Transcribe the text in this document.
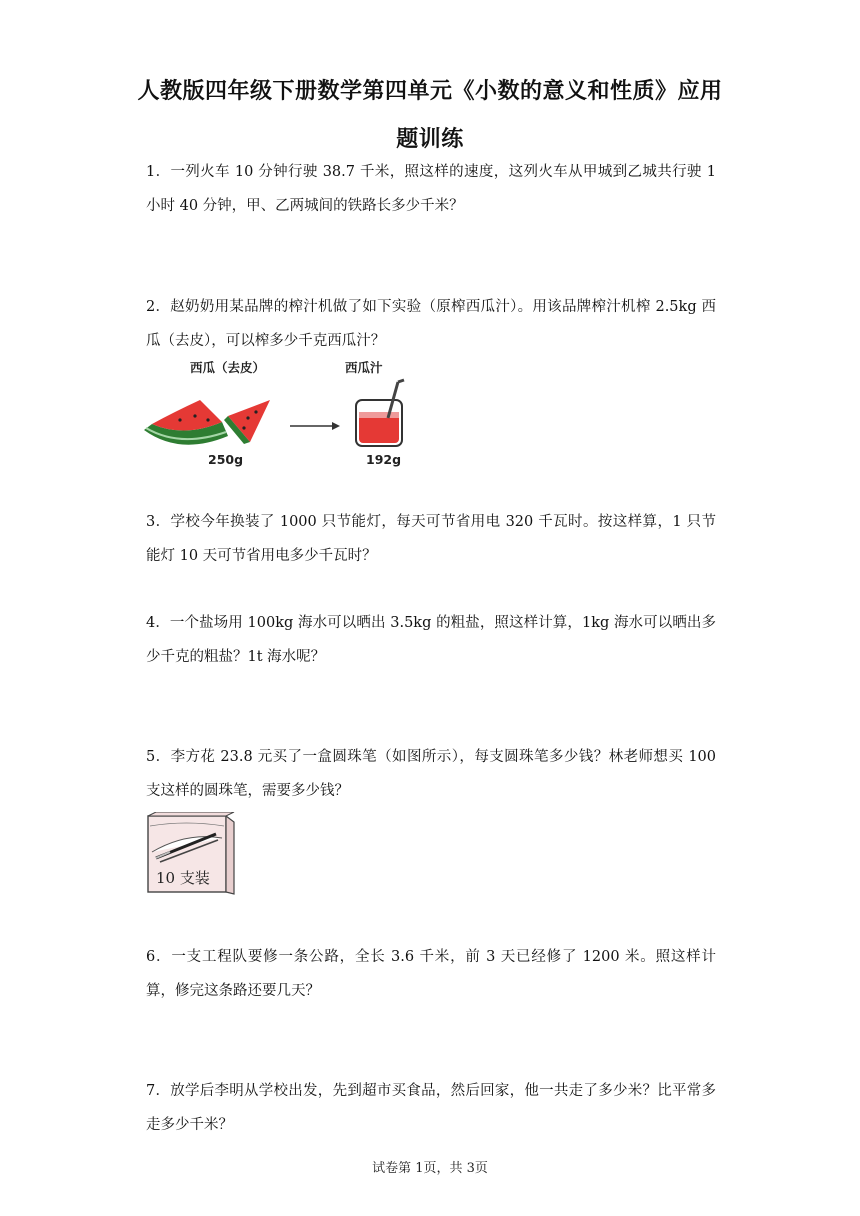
人教版四年级下册数学第四单元《小数的意义和性质》应用
题训练
1．一列火车 10 分钟行驶 38.7 千米，照这样的速度，这列火车从甲城到乙城共行驶 1 小时 40 分钟，甲、乙两城间的铁路长多少千米？
2．赵奶奶用某品牌的榨汁机做了如下实验（原榨西瓜汁）。用该品牌榨汁机榨 2.5kg 西瓜（去皮），可以榨多少千克西瓜汁？
西瓜（去皮）	西瓜汁
250g	192g
3．学校今年换装了 1000 只节能灯，每天可节省用电 320 千瓦时。按这样算，1 只节能灯 10 天可节省用电多少千瓦时？
4．一个盐场用 100kg 海水可以晒出 3.5kg 的粗盐，照这样计算，1kg 海水可以晒出多少千克的粗盐？1t 海水呢？
5．李方花 23.8 元买了一盒圆珠笔（如图所示），每支圆珠笔多少钱？林老师想买 100 支这样的圆珠笔，需要多少钱？
10 支装
6．一支工程队要修一条公路，全长 3.6 千米，前 3 天已经修了 1200 米。照这样计算，修完这条路还要几天？
7．放学后李明从学校出发，先到超市买食品，然后回家，他一共走了多少米？比平常多走多少千米？
试卷第 1页，共 3页
